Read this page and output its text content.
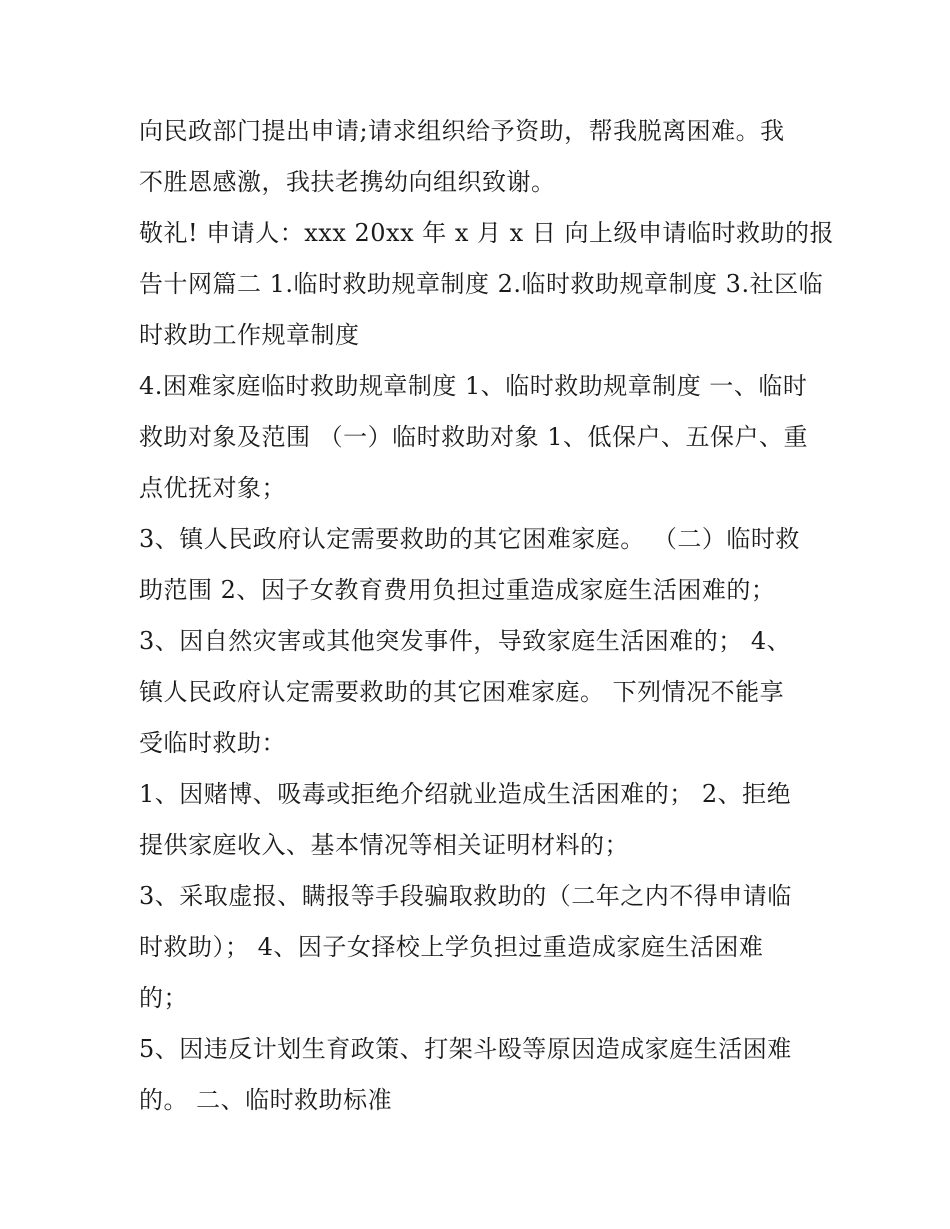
向民政部门提出申请;请求组织给予资助，帮我脱离困难。我
不胜恩感激，我扶老携幼向组织致谢。
敬礼! 申请人：xxx 20xx 年 x 月 x 日 向上级申请临时救助的报
告十网篇二 1.临时救助规章制度 2.临时救助规章制度 3.社区临
时救助工作规章制度
4.困难家庭临时救助规章制度 1、临时救助规章制度 一、临时
救助对象及范围 （一）临时救助对象 1、低保户、五保户、重
点优抚对象；
3、镇人民政府认定需要救助的其它困难家庭。 （二）临时救
助范围 2、因子女教育费用负担过重造成家庭生活困难的；
3、因自然灾害或其他突发事件，导致家庭生活困难的； 4、
镇人民政府认定需要救助的其它困难家庭。 下列情况不能享
受临时救助：
1、因赌博、吸毒或拒绝介绍就业造成生活困难的； 2、拒绝
提供家庭收入、基本情况等相关证明材料的；
3、采取虚报、瞒报等手段骗取救助的（二年之内不得申请临
时救助）； 4、因子女择校上学负担过重造成家庭生活困难
的；
5、因违反计划生育政策、打架斗殴等原因造成家庭生活困难
的。 二、临时救助标准
